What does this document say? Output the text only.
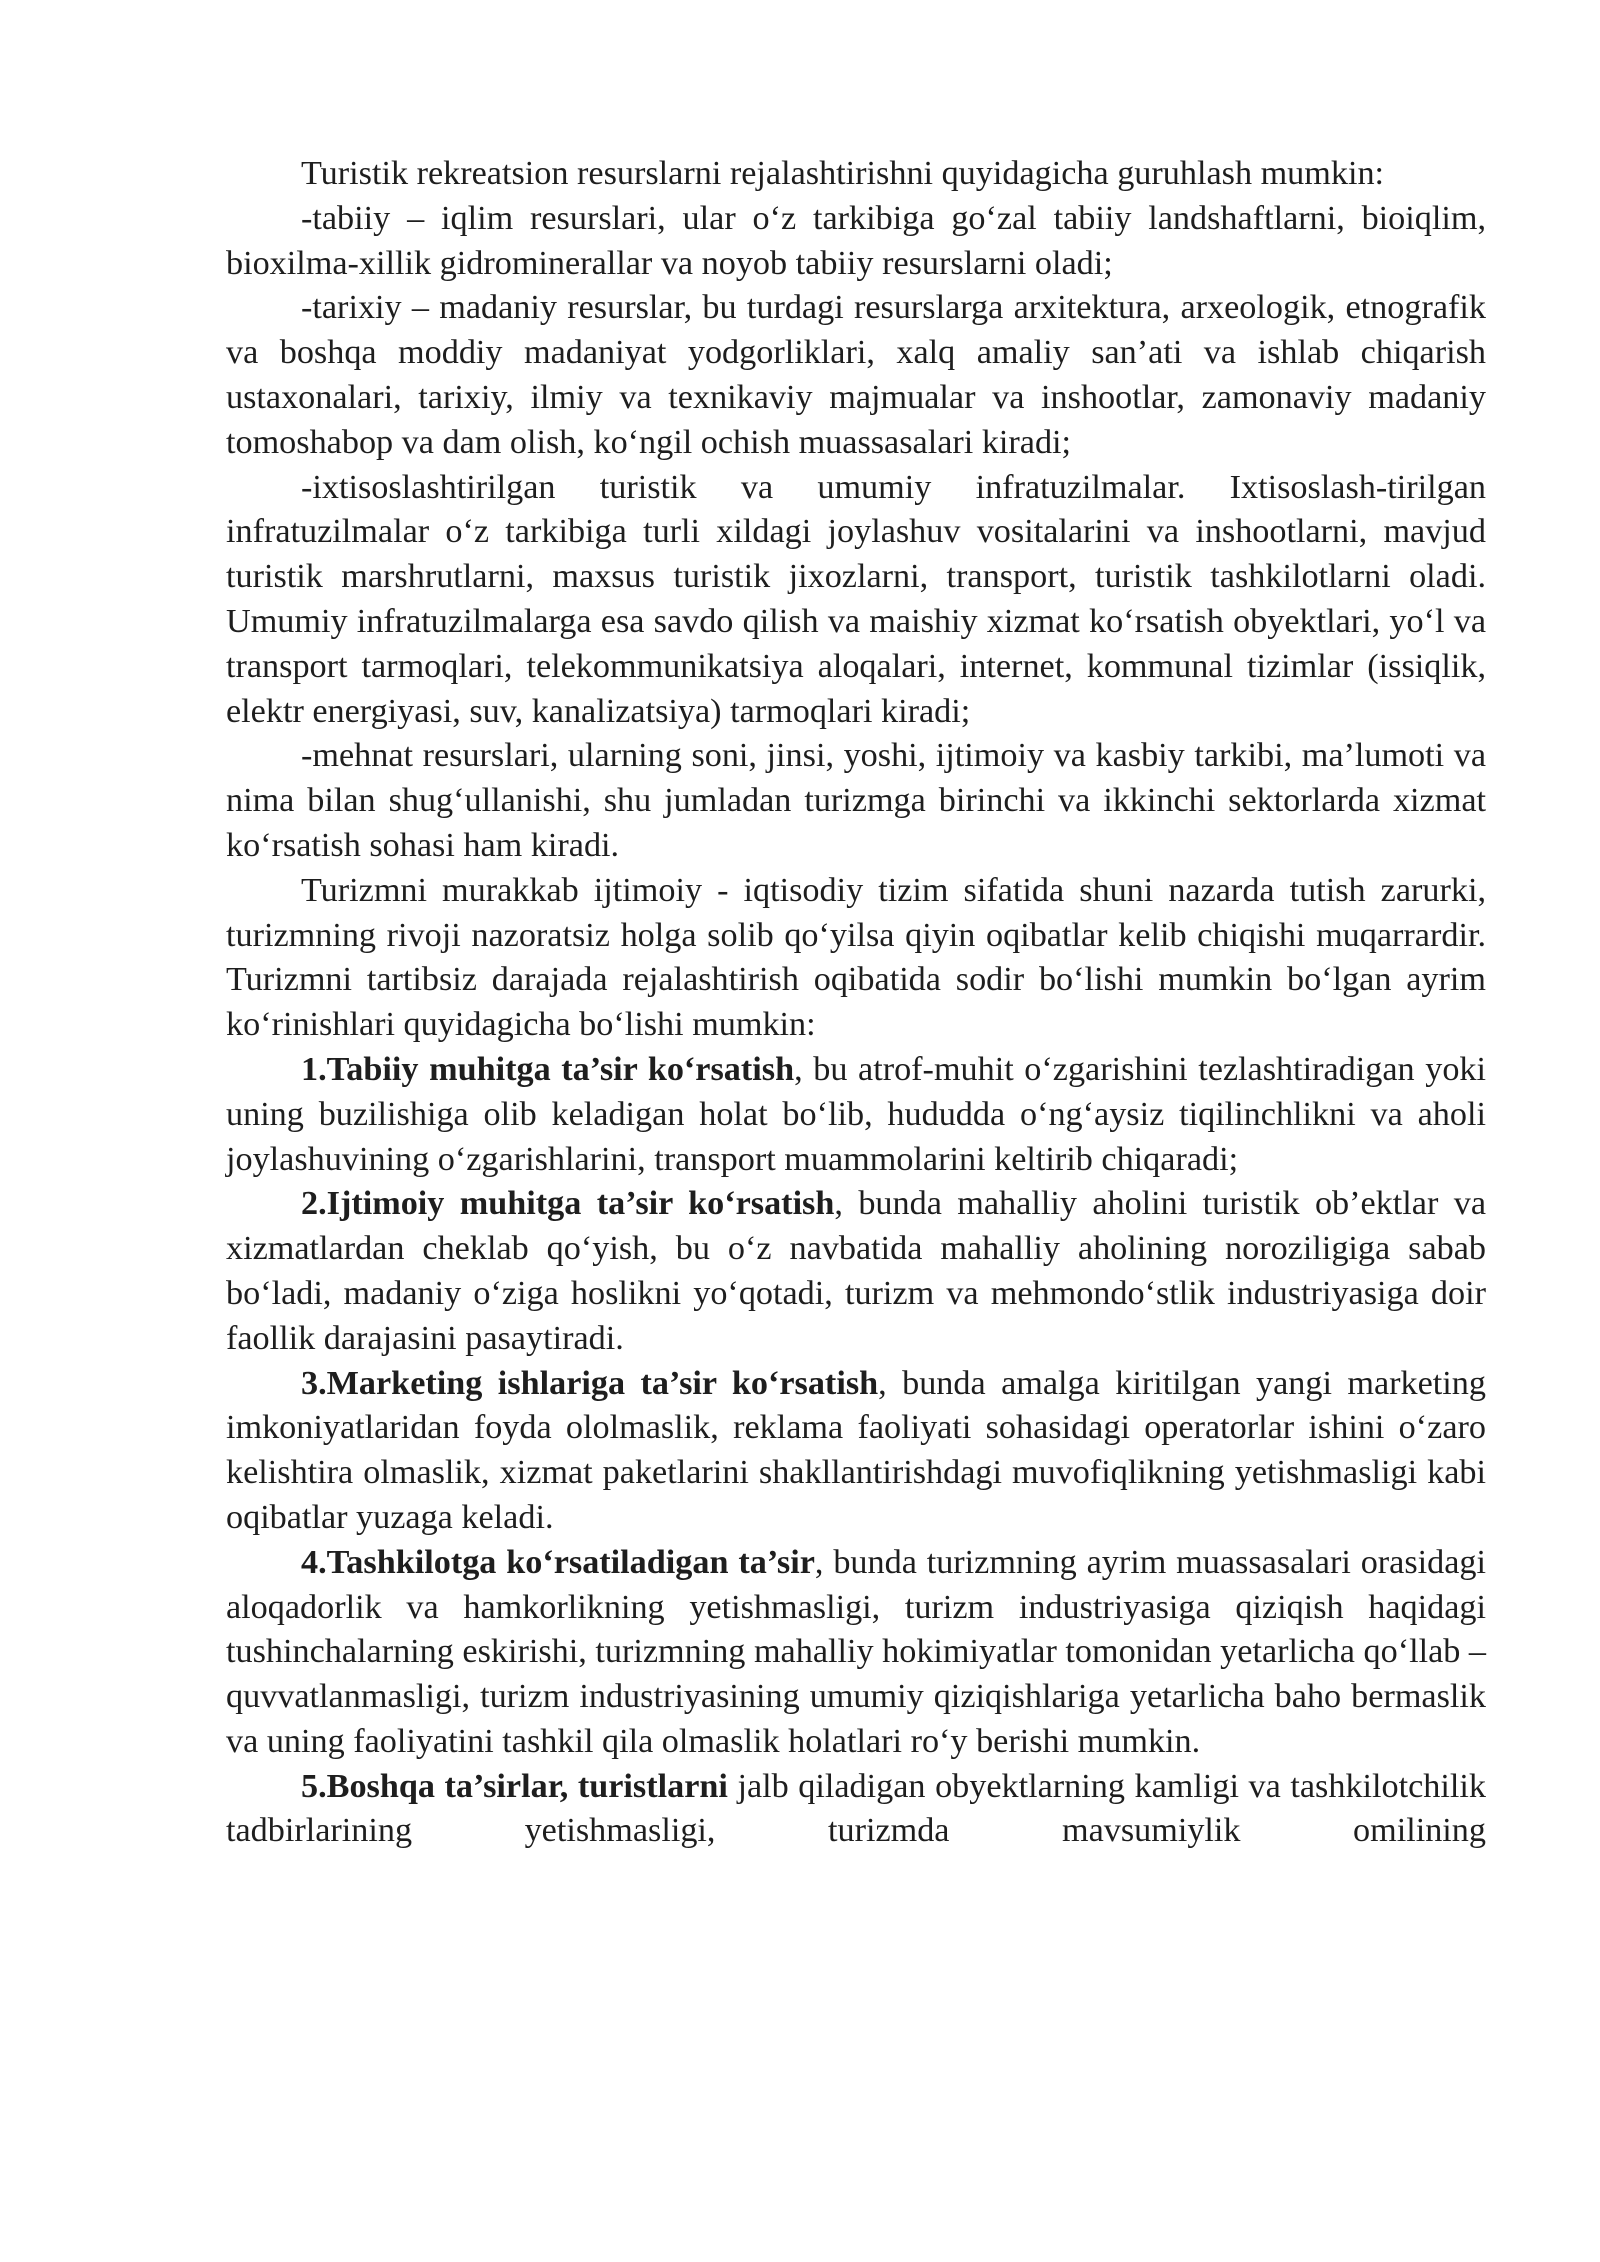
Turistik rekreatsion resurslarni rejalashtirishni quyidagicha guruhlash mumkin:

-tabiiy – iqlim resurslari, ular o‘z tarkibiga go‘zal tabiiy landshaftlarni, bioiqlim, bioxilma-xillik gidrominerallar va noyob tabiiy resurslarni oladi;

-tarixiy – madaniy resurslar, bu turdagi resurslarga arxitektura, arxeologik, etnografik va boshqa moddiy madaniyat yodgorliklari, xalq amaliy san’ati va ishlab chiqarish ustaxonalari, tarixiy, ilmiy va texnikaviy majmualar va inshootlar, zamonaviy madaniy tomoshabop va dam olish, ko‘ngil ochish muassasalari kiradi;

-ixtisoslashtirilgan turistik va umumiy infratuzilmalar. Ixtisoslash-tirilgan infratuzilmalar o‘z tarkibiga turli xildagi joylashuv vositalarini va inshootlarni, mavjud turistik marshrutlarni, maxsus turistik jixozlarni, transport, turistik tashkilotlarni oladi. Umumiy infratuzilmalarga esa savdo qilish va maishiy xizmat ko‘rsatish obyektlari, yo‘l va transport tarmoqlari, telekommunikatsiya aloqalari, internet, kommunal tizimlar (issiqlik, elektr energiyasi, suv, kanalizatsiya) tarmoqlari kiradi;

-mehnat resurslari, ularning soni, jinsi, yoshi, ijtimoiy va kasbiy tarkibi, ma’lumoti va nima bilan shug‘ullanishi, shu jumladan turizmga birinchi va ikkinchi sektorlarda xizmat ko‘rsatish sohasi ham kiradi.

Turizmni murakkab ijtimoiy - iqtisodiy tizim sifatida shuni nazarda tutish zarurki, turizmning rivoji nazoratsiz holga solib qo‘yilsa qiyin oqibatlar kelib chiqishi muqarrardir. Turizmni tartibsiz darajada rejalashtirish oqibatida sodir bo‘lishi mumkin bo‘lgan ayrim ko‘rinishlari quyidagicha bo‘lishi mumkin:

1.Tabiiy muhitga ta’sir ko‘rsatish, bu atrof-muhit o‘zgarishini tezlashtiradigan yoki uning buzilishiga olib keladigan holat bo‘lib, hududda o‘ng‘aysiz tiqilinchlikni va aholi joylashuvining o‘zgarishlarini, transport muammolarini keltirib chiqaradi;

2.Ijtimoiy muhitga ta’sir ko‘rsatish, bunda mahalliy aholini turistik ob’ektlar va xizmatlardan cheklab qo‘yish, bu o‘z navbatida mahalliy aholining noroziligiga sabab bo‘ladi, madaniy o‘ziga hoslikni yo‘qotadi, turizm va mehmondo‘stlik industriyasiga doir faollik darajasini pasaytiradi.

3.Marketing ishlariga ta’sir ko‘rsatish, bunda amalga kiritilgan yangi marketing imkoniyatlaridan foyda ololmaslik, reklama faoliyati sohasidagi operatorlar ishini o‘zaro kelishtira olmaslik, xizmat paketlarini shakllantirishdagi muvofiqlikning yetishmasligi kabi oqibatlar yuzaga keladi.

4.Tashkilotga ko‘rsatiladigan ta’sir, bunda turizmning ayrim muassasalari orasidagi aloqadorlik va hamkorlikning yetishmasligi, turizm industriyasiga qiziqish haqidagi tushinchalarning eskirishi, turizmning mahalliy hokimiyatlar tomonidan yetarlicha qo‘llab – quvvatlanmasligi, turizm industriyasining umumiy qiziqishlariga yetarlicha baho bermaslik va uning faoliyatini tashkil qila olmaslik holatlari ro‘y berishi mumkin.

5.Boshqa ta’sirlar, turistlarni jalb qiladigan obyektlarning kamligi va tashkilotchilik tadbirlarining yetishmasligi, turizmda mavsumiylik omilining
